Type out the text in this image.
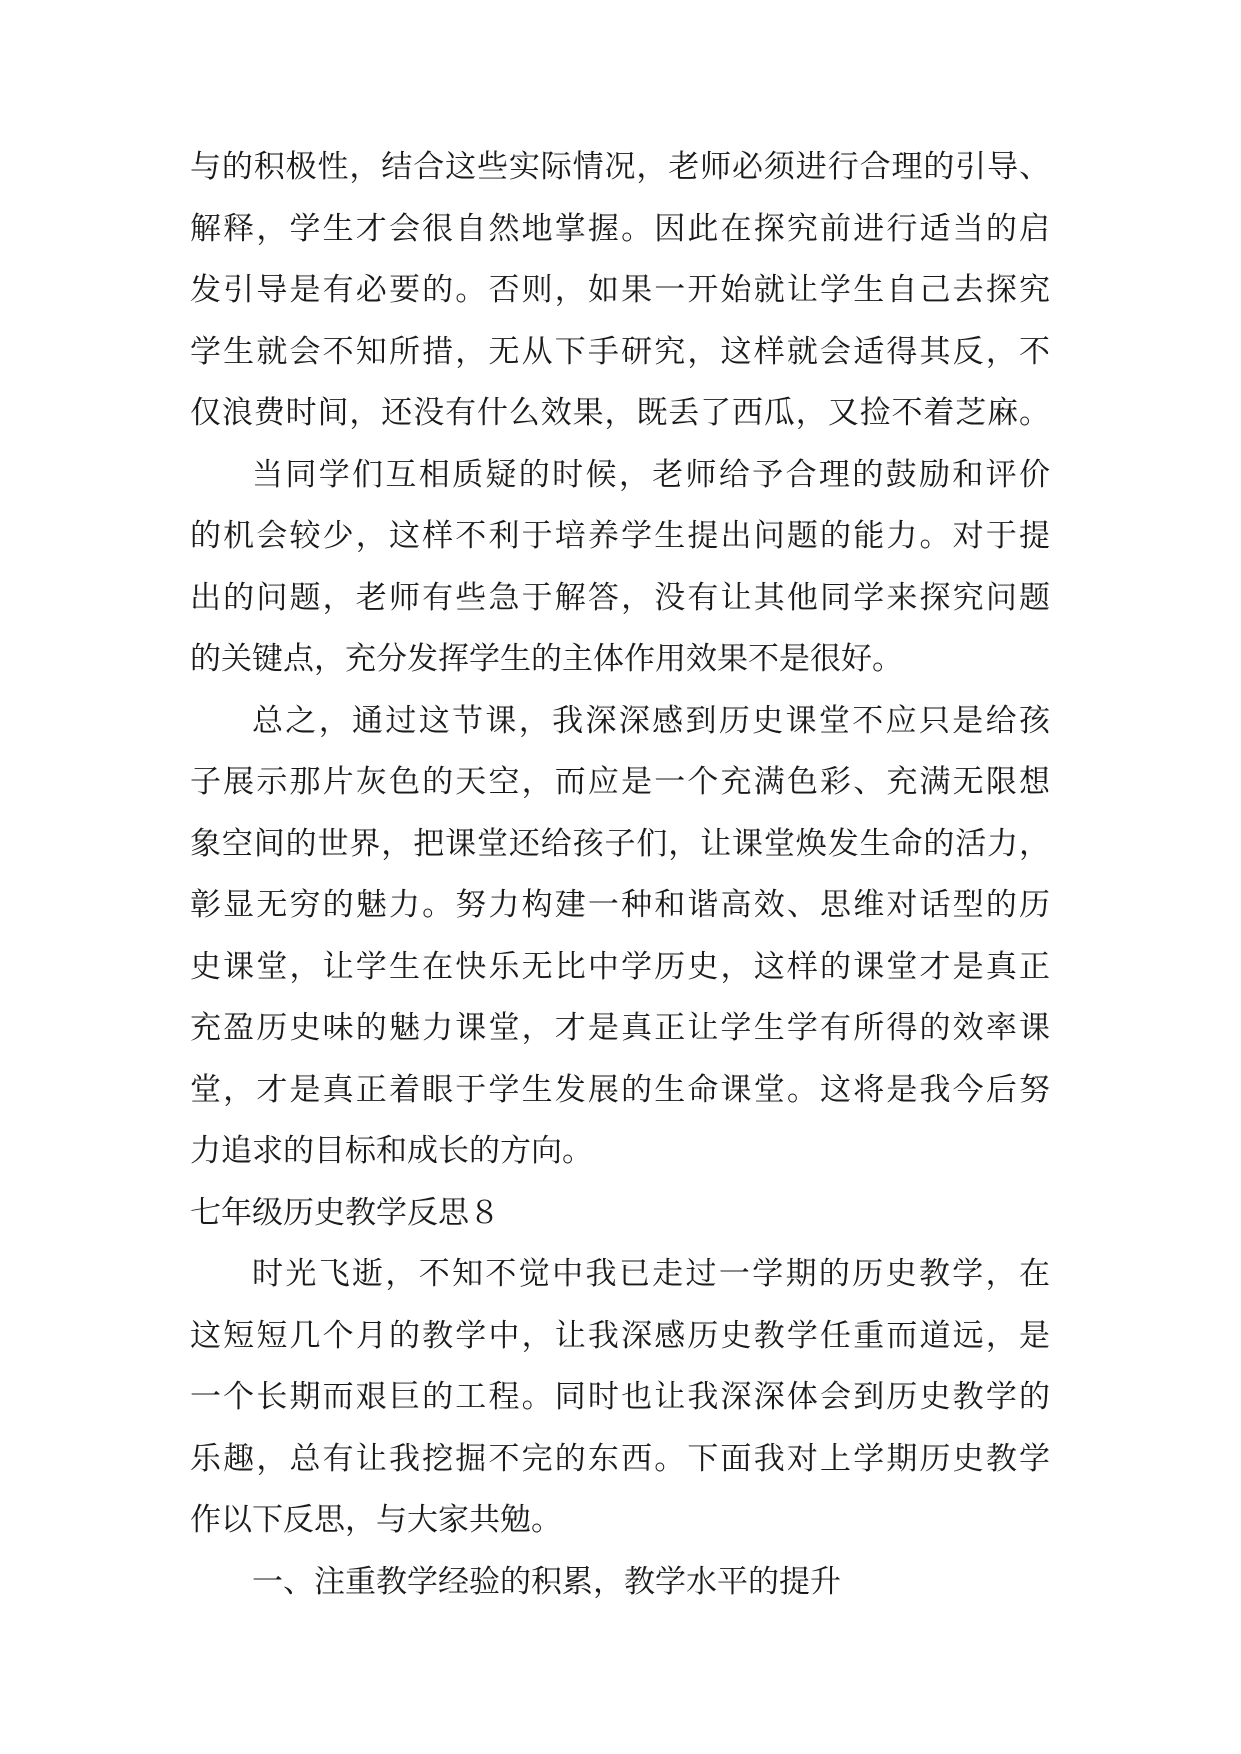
与的积极性，结合这些实际情况，老师必须进行合理的引导、
解释，学生才会很自然地掌握。因此在探究前进行适当的启
发引导是有必要的。否则，如果一开始就让学生自己去探究
学生就会不知所措，无从下手研究，这样就会适得其反，不
仅浪费时间，还没有什么效果，既丢了西瓜，又捡不着芝麻。
当同学们互相质疑的时候，老师给予合理的鼓励和评价
的机会较少，这样不利于培养学生提出问题的能力。对于提
出的问题，老师有些急于解答，没有让其他同学来探究问题
的关键点，充分发挥学生的主体作用效果不是很好。
总之，通过这节课，我深深感到历史课堂不应只是给孩
子展示那片灰色的天空，而应是一个充满色彩、充满无限想
象空间的世界，把课堂还给孩子们，让课堂焕发生命的活力，
彰显无穷的魅力。努力构建一种和谐高效、思维对话型的历
史课堂，让学生在快乐无比中学历史，这样的课堂才是真正
充盈历史味的魅力课堂，才是真正让学生学有所得的效率课
堂，才是真正着眼于学生发展的生命课堂。这将是我今后努
力追求的目标和成长的方向。
七年级历史教学反思８
时光飞逝，不知不觉中我已走过一学期的历史教学，在
这短短几个月的教学中，让我深感历史教学任重而道远，是
一个长期而艰巨的工程。同时也让我深深体会到历史教学的
乐趣，总有让我挖掘不完的东西。下面我对上学期历史教学
作以下反思，与大家共勉。
一、注重教学经验的积累，教学水平的提升
